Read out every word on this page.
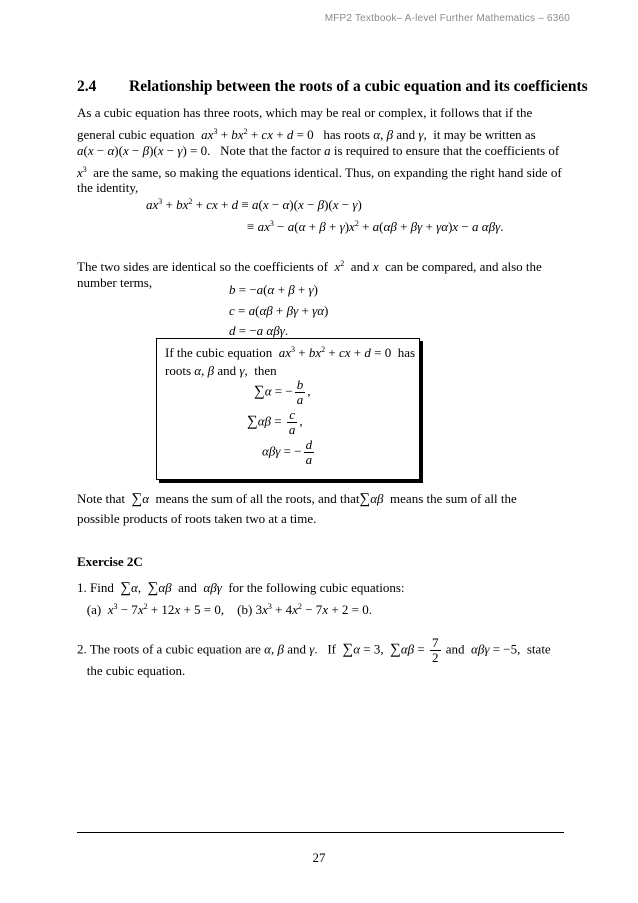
MFP2 Textbook– A-level Further Mathematics – 6360
2.4 Relationship between the roots of a cubic equation and its coefficients
As a cubic equation has three roots, which may be real or complex, it follows that if the
general cubic equation $ax^3 + bx^2$ + cx + d = 0   has roots α, β and γ,  it may be written as
a(x − α)(x − β)(x − γ) = 0.   Note that the factor a is required to ensure that the coefficients of
$x^3$ are the same, so making the equations identical. Thus, on expanding the right hand side of
the identity,
$ax^3 + bx^2$ + cx + d ≡ a(x − α)(x − β)(x − γ)
≡ $ax^3 - a(\alpha + \beta + \gamma)x^2 + a(\alpha\beta + \beta\gamma + \gamma\alpha)x - a$ αβγ.
The two sides are identical so the coefficients of $x^2$ and x can be compared, and also the
number terms,	b = −a(α + β + γ)
c = a(αβ + βγ + γα)
d = −a αβγ.
If the cubic equation $ax^3 + bx^2$ + cx + d = 0  has
roots α, β and γ,  then
∑α = − $\frac{b}{a}$ ,
$\sum\alpha\beta = \frac{c}{a}$ ,
αβγ = − $\frac{d}{a}$
Note that ∑α means the sum of all the roots, and that∑αβ means the sum of all the
possible products of roots taken two at a time.
Exercise 2C
1. Find ∑α,  ∑αβ and αβγ for the following cubic equations:
(a) $x^3 - 7x^2 + 12x + 5 = 0$,    (b) $3x^3 + 4x^2 - 7x + 2 = 0$.
2. The roots of a cubic equation are α, β and γ.   If ∑α = 3,  $\sum\alpha\beta = \frac{7}{2}$ and αβγ = −5,  state
the cubic equation.
27
